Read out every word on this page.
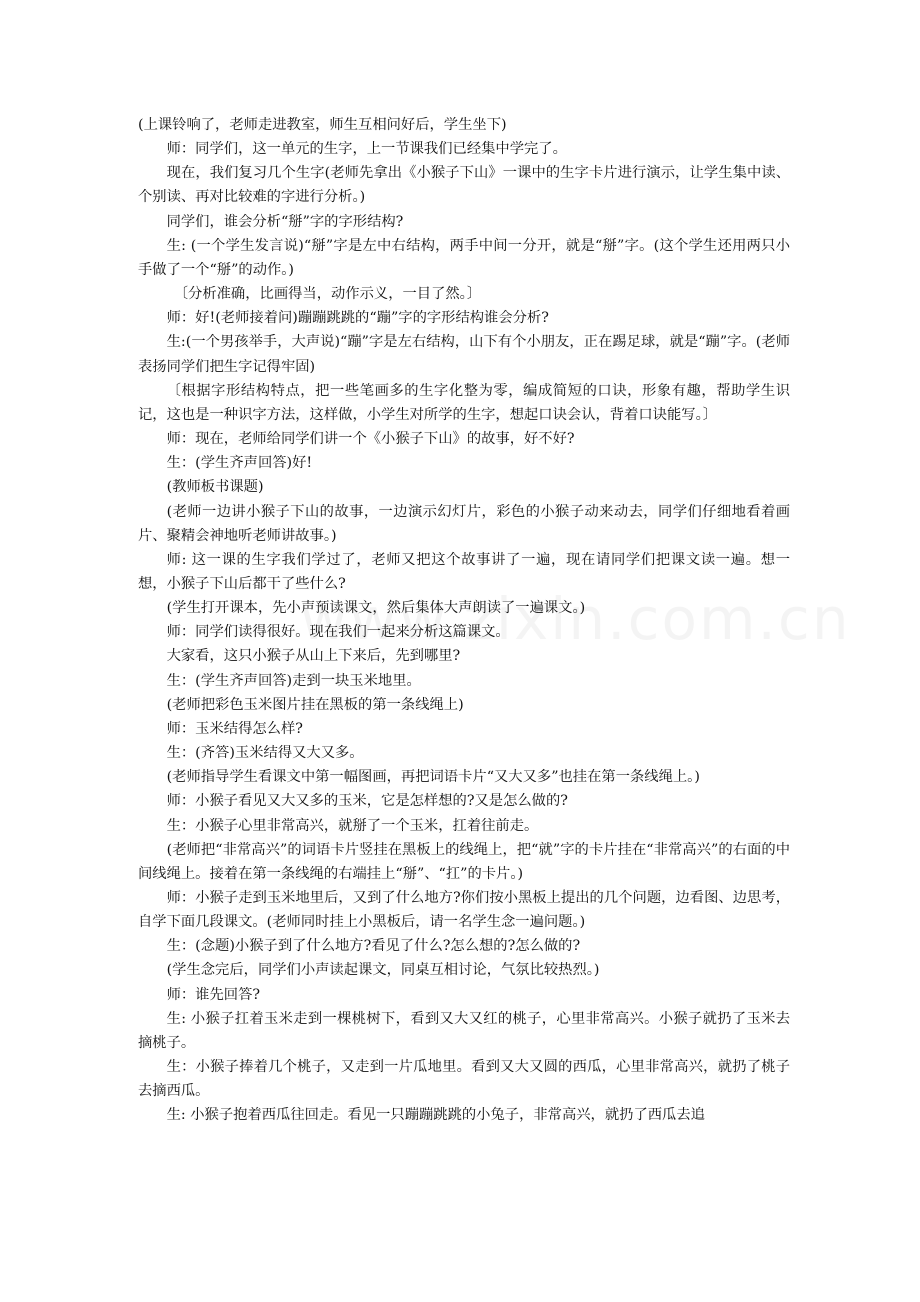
(上课铃响了，老师走进教室，师生互相问好后，学生坐下)

师：同学们，这一单元的生字，上一节课我们已经集中学完了。

现在，我们复习几个生字(老师先拿出《小猴子下山》一课中的生字卡片进行演示，让学生集中读、个别读、再对比较难的字进行分析。)

同学们，谁会分析“掰”字的字形结构?

生: (一个学生发言说)“掰”字是左中右结构，两手中间一分开，就是“掰”字。(这个学生还用两只小手做了一个“掰”的动作。)

〔分析准确，比画得当，动作示义，一目了然。〕

师：好!(老师接着问)蹦蹦跳跳的“蹦”字的字形结构谁会分析?

生:(一个男孩举手，大声说)“蹦”字是左右结构，山下有个小朋友，正在踢足球，就是“蹦”字。(老师表扬同学们把生字记得牢固)

〔根据字形结构特点，把一些笔画多的生字化整为零，编成简短的口诀，形象有趣，帮助学生识记，这也是一种识字方法，这样做，小学生对所学的生字，想起口诀会认，背着口诀能写。〕

师：现在，老师给同学们讲一个《小猴子下山》的故事，好不好?

生：(学生齐声回答)好!

(教师板书课题)

(老师一边讲小猴子下山的故事，一边演示幻灯片，彩色的小猴子动来动去，同学们仔细地看着画片、聚精会神地听老师讲故事。)

师: 这一课的生字我们学过了，老师又把这个故事讲了一遍，现在请同学们把课文读一遍。想一想，小猴子下山后都干了些什么?

(学生打开课本，先小声预读课文，然后集体大声朗读了一遍课文。)

师：同学们读得很好。现在我们一起来分析这篇课文。

大家看，这只小猴子从山上下来后，先到哪里?

生：(学生齐声回答)走到一块玉米地里。

(老师把彩色玉米图片挂在黑板的第一条线绳上)

师：玉米结得怎么样?

生：(齐答)玉米结得又大又多。

(老师指导学生看课文中第一幅图画，再把词语卡片“又大又多”也挂在第一条线绳上。)

师：小猴子看见又大又多的玉米，它是怎样想的?又是怎么做的?

生：小猴子心里非常高兴，就掰了一个玉米，扛着往前走。

(老师把“非常高兴”的词语卡片竖挂在黑板上的线绳上，把“就”字的卡片挂在“非常高兴”的右面的中间线绳上。接着在第一条线绳的右端挂上“掰”、“扛”的卡片。)

师：小猴子走到玉米地里后，又到了什么地方?你们按小黑板上提出的几个问题，边看图、边思考，自学下面几段课文。(老师同时挂上小黑板后，请一名学生念一遍问题。)

生：(念题)小猴子到了什么地方?看见了什么?怎么想的?怎么做的?

(学生念完后，同学们小声读起课文，同桌互相讨论，气氛比较热烈。)

师：谁先回答?

生: 小猴子扛着玉米走到一棵桃树下，看到又大又红的桃子，心里非常高兴。小猴子就扔了玉米去摘桃子。

生：小猴子捧着几个桃子，又走到一片瓜地里。看到又大又圆的西瓜，心里非常高兴，就扔了桃子去摘西瓜。

生: 小猴子抱着西瓜往回走。看见一只蹦蹦跳跳的小兔子，非常高兴，就扔了西瓜去追
